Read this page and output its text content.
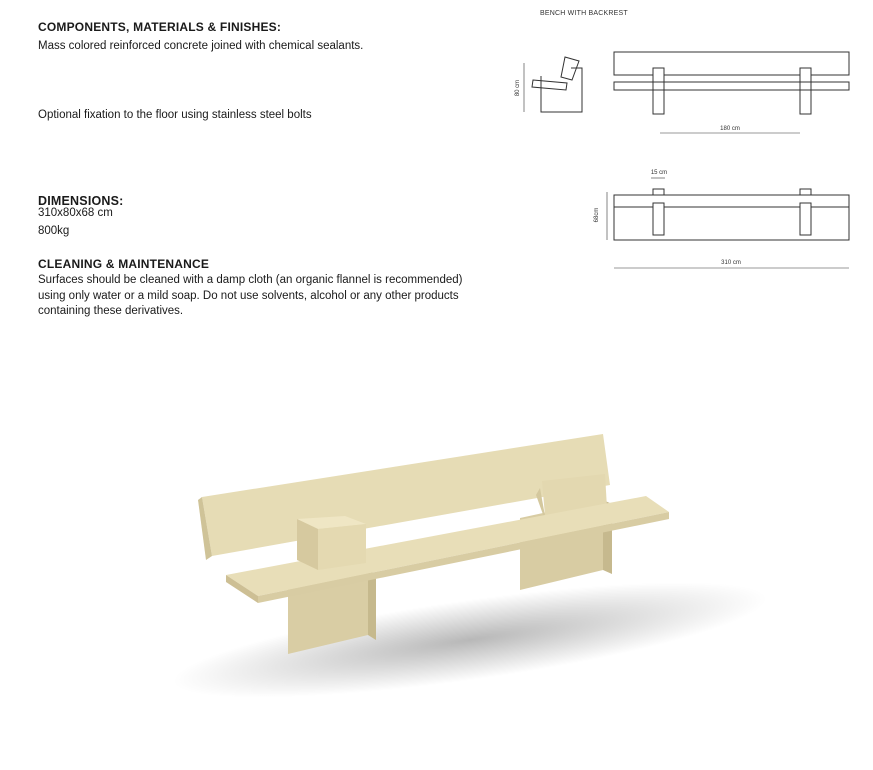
COMPONENTS, MATERIALS & FINISHES:

Mass colored reinforced concrete joined with chemical sealants.

Optional fixation to the floor using stainless steel bolts

DIMENSIONS:

310x80x68 cm

800kg

CLEANING & MAINTENANCE

Surfaces should be cleaned with a damp cloth (an organic flannel is recommended) using only water or a mild soap. Do not use solvents, alcohol or any other products containing these derivatives.

BENCH WITH BACKREST
80 cm
180 cm
15 cm
68cm
310 cm
